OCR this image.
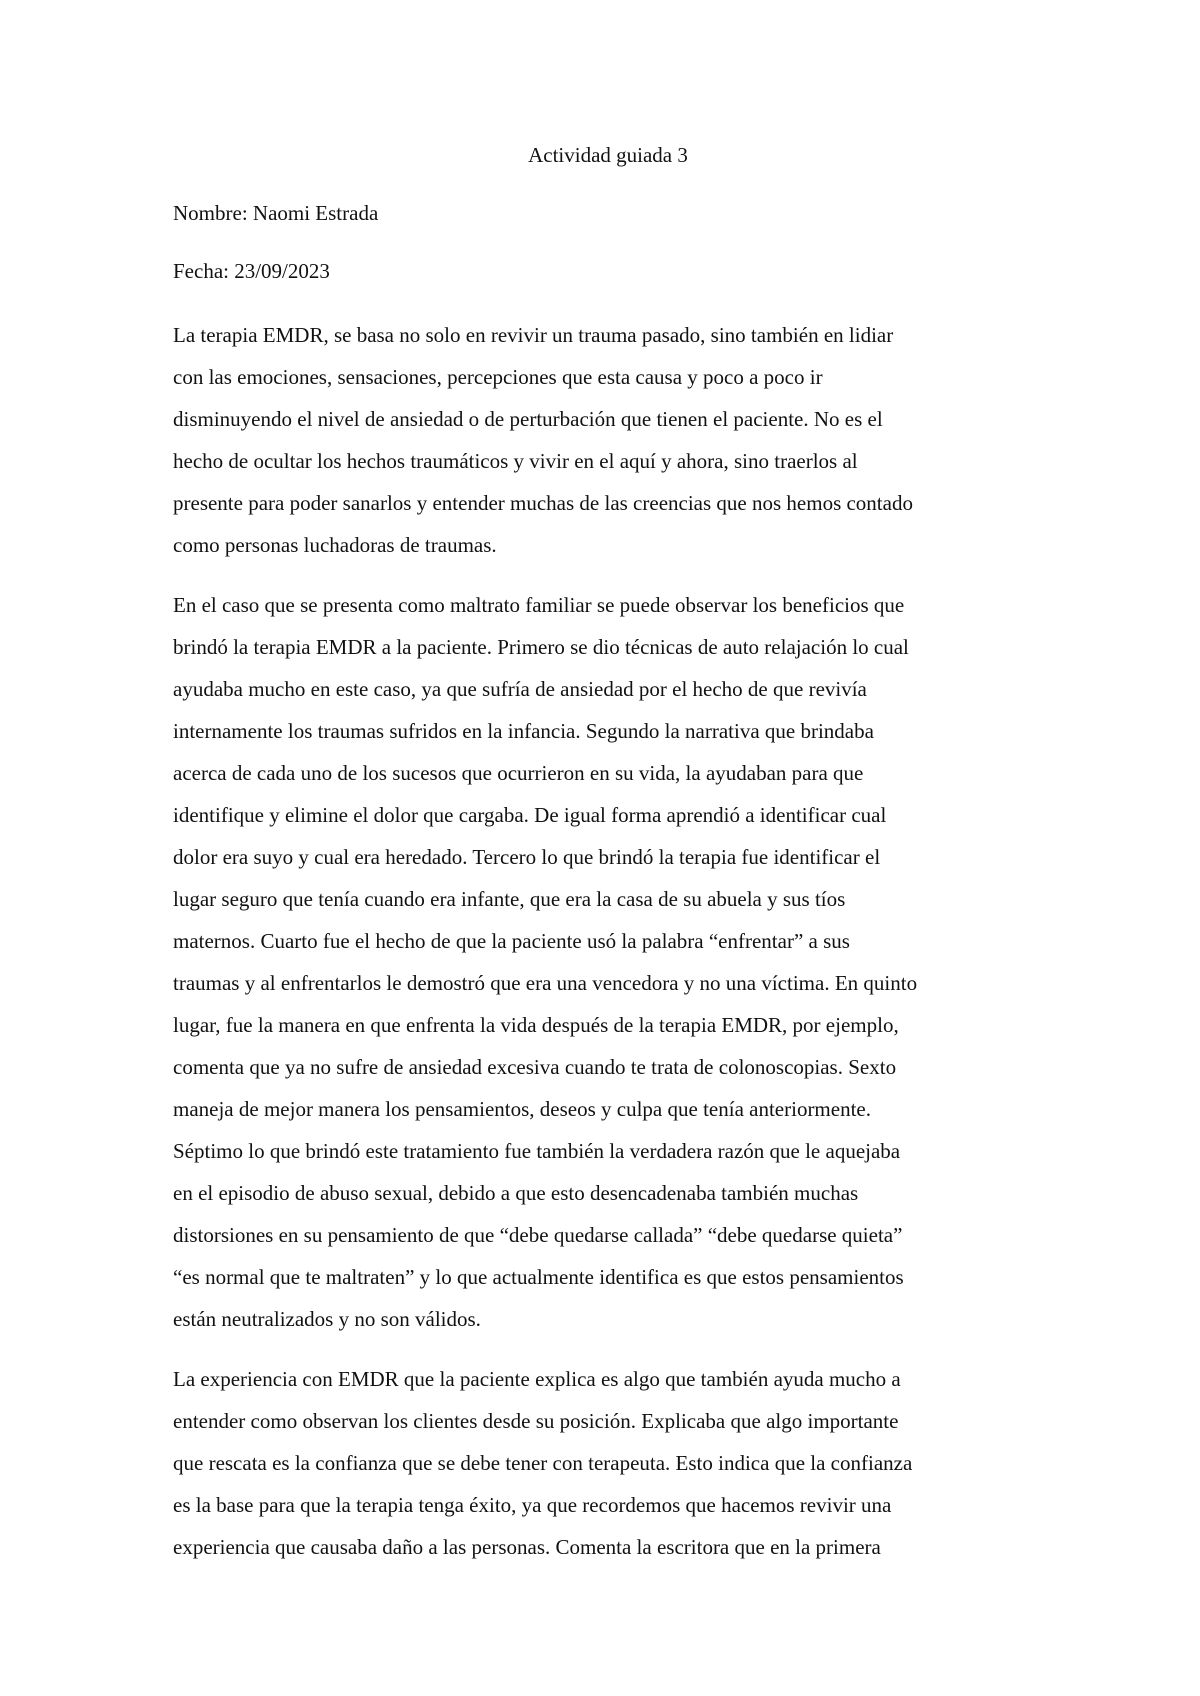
Actividad guiada 3
Nombre: Naomi Estrada
Fecha: 23/09/2023
La terapia EMDR, se basa no solo en revivir un trauma pasado, sino también en lidiar
con las emociones, sensaciones, percepciones que esta causa y poco a poco ir
disminuyendo el nivel de ansiedad o de perturbación que tienen el paciente. No es el
hecho de ocultar los hechos traumáticos y vivir en el aquí y ahora, sino traerlos al
presente para poder sanarlos y entender muchas de las creencias que nos hemos contado
como personas luchadoras de traumas.
En el caso que se presenta como maltrato familiar se puede observar los beneficios que
brindó la terapia EMDR a la paciente. Primero se dio técnicas de auto relajación lo cual
ayudaba mucho en este caso, ya que sufría de ansiedad por el hecho de que revivía
internamente los traumas sufridos en la infancia. Segundo la narrativa que brindaba
acerca de cada uno de los sucesos que ocurrieron en su vida, la ayudaban para que
identifique y elimine el dolor que cargaba. De igual forma aprendió a identificar cual
dolor era suyo y cual era heredado. Tercero lo que brindó la terapia fue identificar el
lugar seguro que tenía cuando era infante, que era la casa de su abuela y sus tíos
maternos. Cuarto fue el hecho de que la paciente usó la palabra “enfrentar” a sus
traumas y al enfrentarlos le demostró que era una vencedora y no una víctima. En quinto
lugar, fue la manera en que enfrenta la vida después de la terapia EMDR, por ejemplo,
comenta que ya no sufre de ansiedad excesiva cuando te trata de colonoscopias. Sexto
maneja de mejor manera los pensamientos, deseos y culpa que tenía anteriormente.
Séptimo lo que brindó este tratamiento fue también la verdadera razón que le aquejaba
en el episodio de abuso sexual, debido a que esto desencadenaba también muchas
distorsiones en su pensamiento de que “debe quedarse callada” “debe quedarse quieta”
“es normal que te maltraten” y lo que actualmente identifica es que estos pensamientos
están neutralizados y no son válidos.
La experiencia con EMDR que la paciente explica es algo que también ayuda mucho a
entender como observan los clientes desde su posición. Explicaba que algo importante
que rescata es la confianza que se debe tener con terapeuta. Esto indica que la confianza
es la base para que la terapia tenga éxito, ya que recordemos que hacemos revivir una
experiencia que causaba daño a las personas. Comenta la escritora que en la primera
